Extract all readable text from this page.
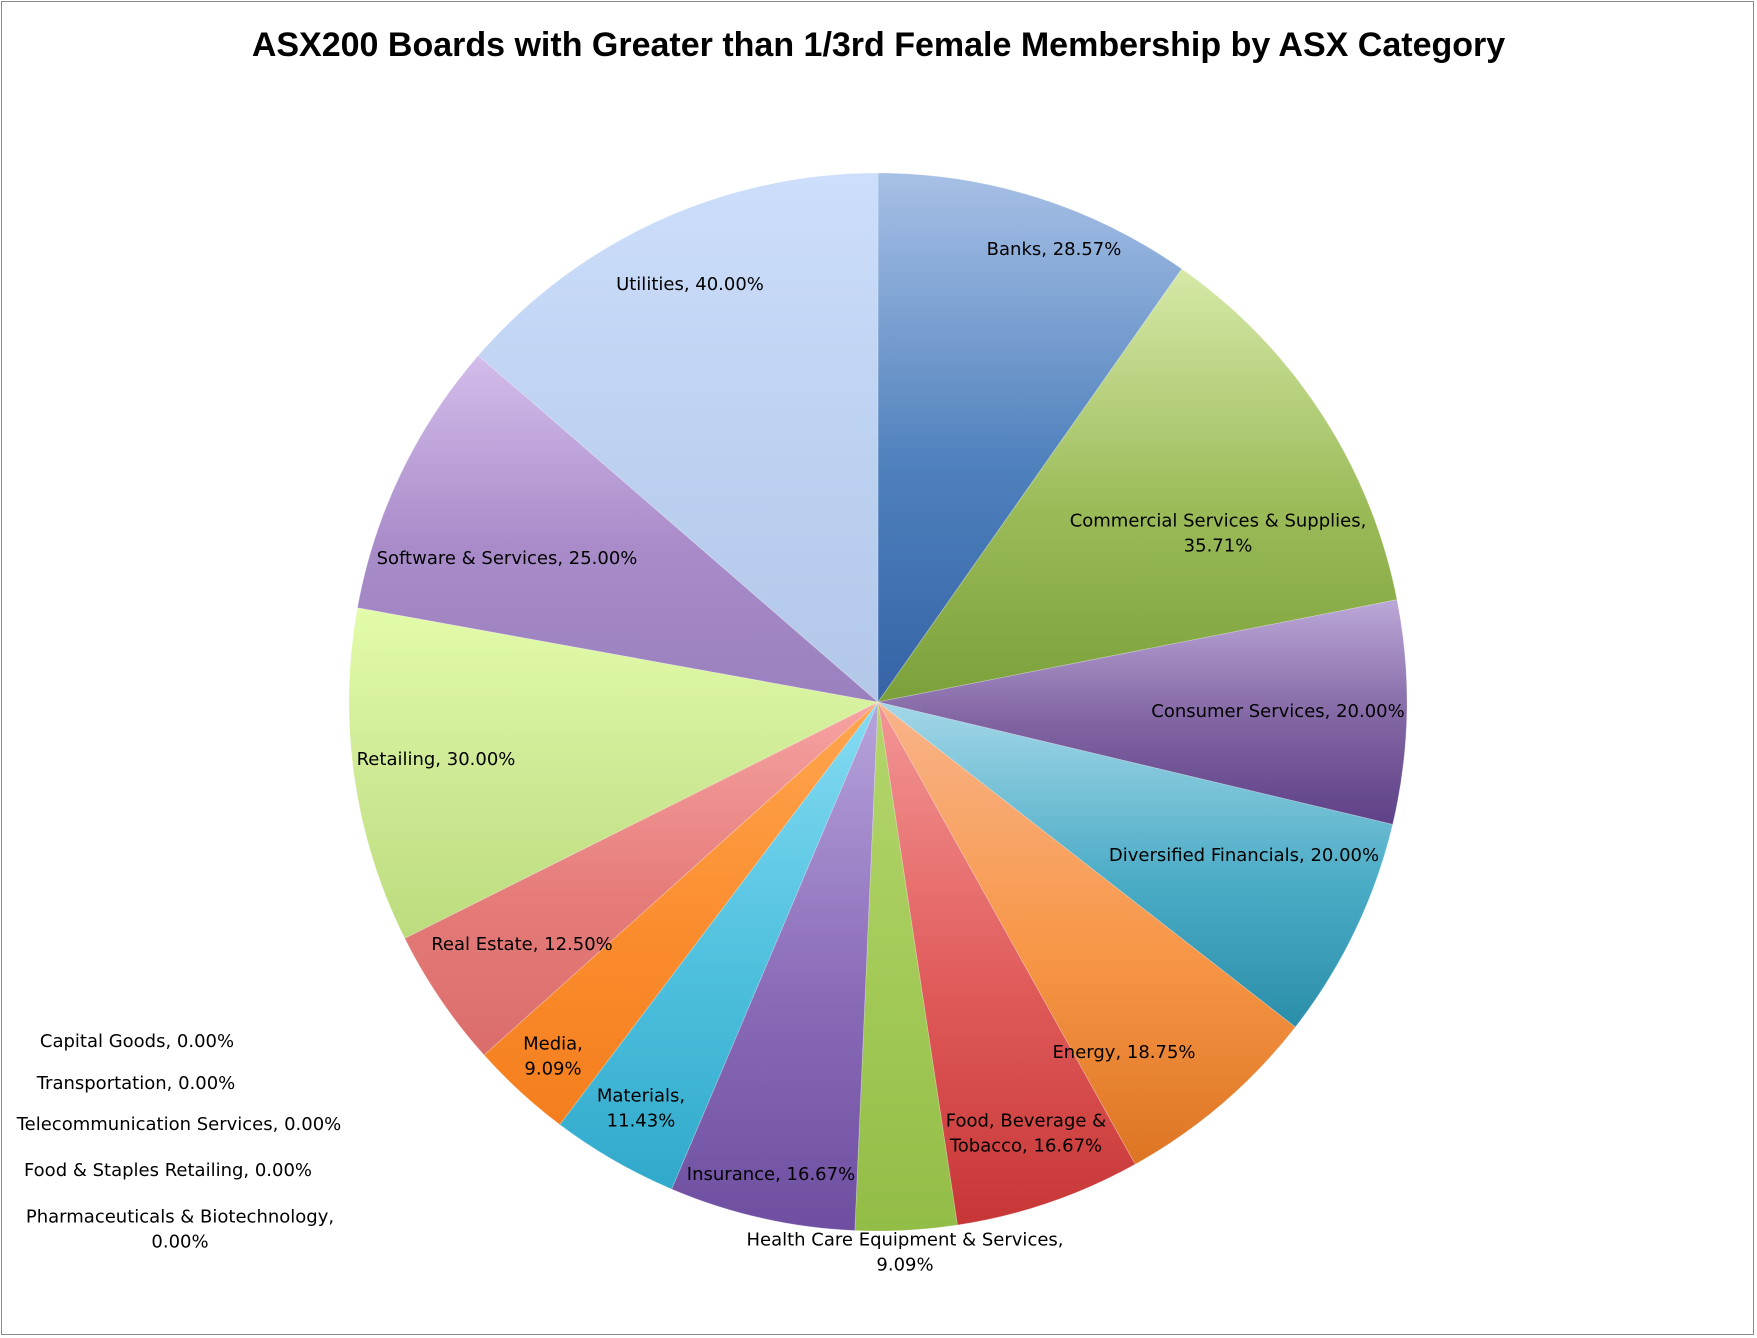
ASX200 Boards with Greater than 1/3rd Female Membership by ASX Category
Banks, 28.57%
Commercial Services & Supplies, 35.71%
Consumer Services, 20.00%
Diversified Financials, 20.00%
Energy, 18.75%
Food, Beverage & Tobacco, 16.67%
Health Care Equipment & Services, 9.09%
Insurance, 16.67%
Materials, 11.43%
Media, 9.09%
Real Estate, 12.50%
Retailing, 30.00%
Software & Services, 25.00%
Utilities, 40.00%
Capital Goods, 0.00%
Transportation, 0.00%
Telecommunication Services, 0.00%
Food & Staples Retailing, 0.00%
Pharmaceuticals & Biotechnology, 0.00%
